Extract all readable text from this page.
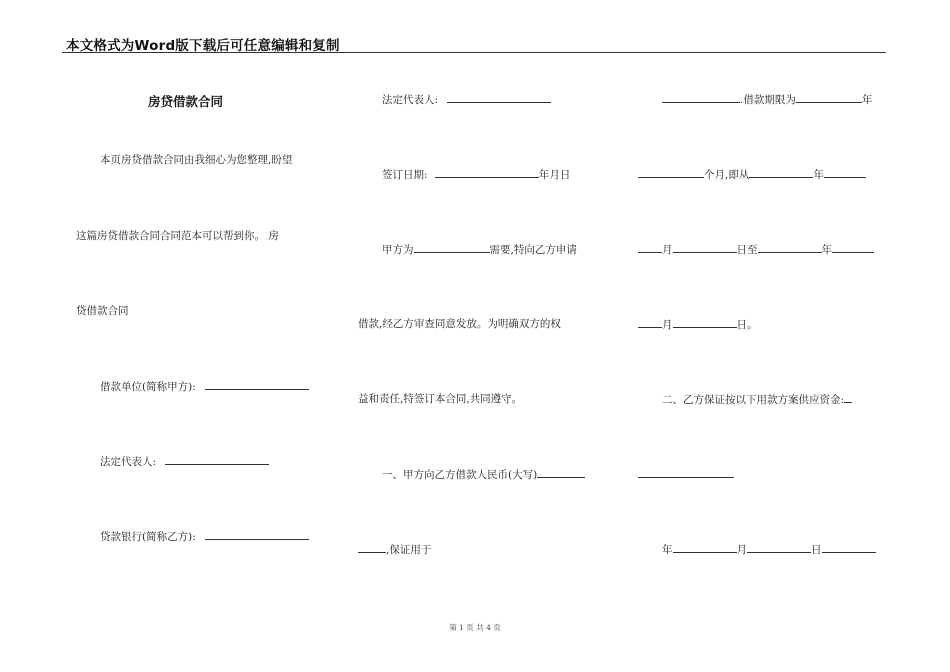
本文格式为Word版下载后可任意编辑和复制
房贷借款合同
本页房贷借款合同由我细心为您整理,盼望
这篇房贷借款合同合同范本可以帮到你。 房
贷借款合同
借款单位(简称甲方):
法定代表人:
贷款银行(简称乙方):
法定代表人:
签订日期:	年月日
甲方为	需要,特向乙方申请
借款,经乙方审查同意发放。为明确双方的权
益和责任,特签订本合同,共同遵守。
一、甲方向乙方借款人民币(大写)
,保证用于
.借款期限为	年
个月,即从	年
月	日至	年
月	日。
二、乙方保证按以下用款方案供应资金:
年	月	日
第 1 页 共 4 页
